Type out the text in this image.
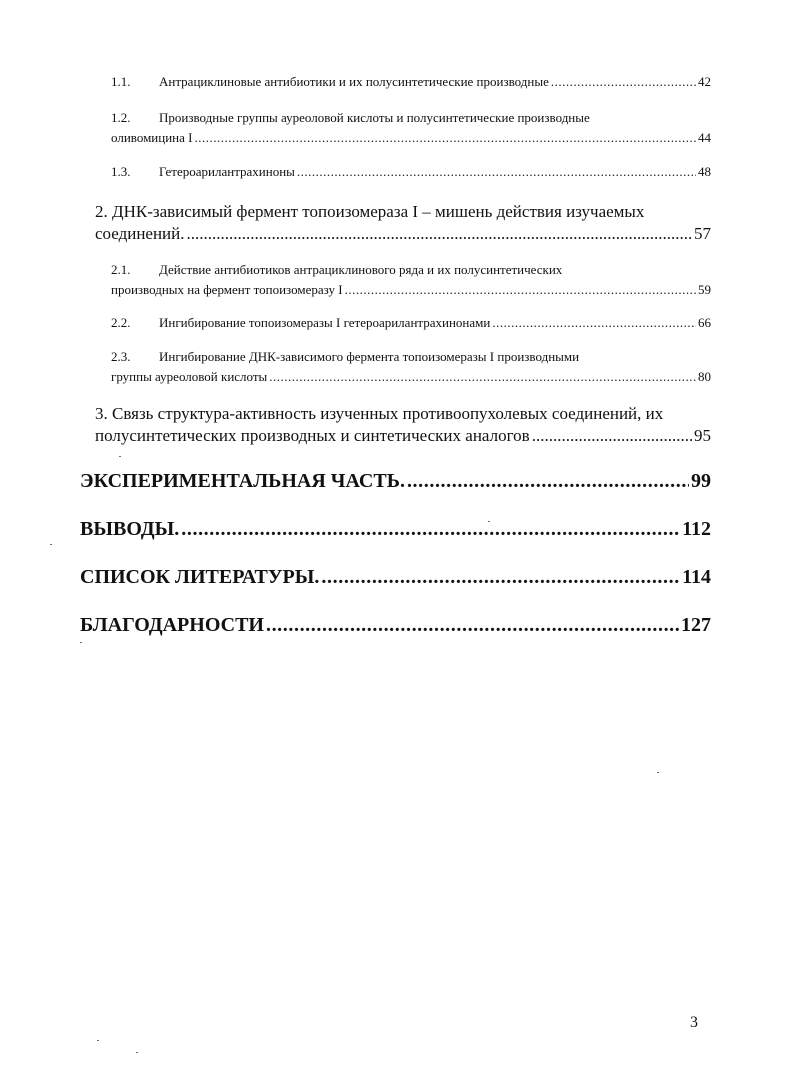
1.1.	Антрациклиновые антибиотики и их полусинтетические производные .....	42
1.2.	Производные группы ауреоловой кислоты и полусинтетические производные
оливомицина I .....	44
1.3.	Гетероарилантрахиноны .....	48
2. ДНК-зависимый фермент топоизомераза I – мишень действия изучаемых
соединений. .....	57
2.1.	Действие антибиотиков антрациклинового ряда и их полусинтетических
производных на фермент топоизомеразу I .....	59
2.2.	Ингибирование топоизомеразы I гетероарилантрахинонами .....	66
2.3.	Ингибирование ДНК-зависимого фермента топоизомеразы I производными
группы ауреоловой кислоты .....	80
3. Связь структура-активность изученных противоопухолевых соединений, их
полусинтетических производных и синтетических аналогов .....	95
ЭКСПЕРИМЕНТАЛЬНАЯ ЧАСТЬ. .....	99
ВЫВОДЫ. .....	112
СПИСОК ЛИТЕРАТУРЫ. .....	114
БЛАГОДАРНОСТИ .....	127
3
